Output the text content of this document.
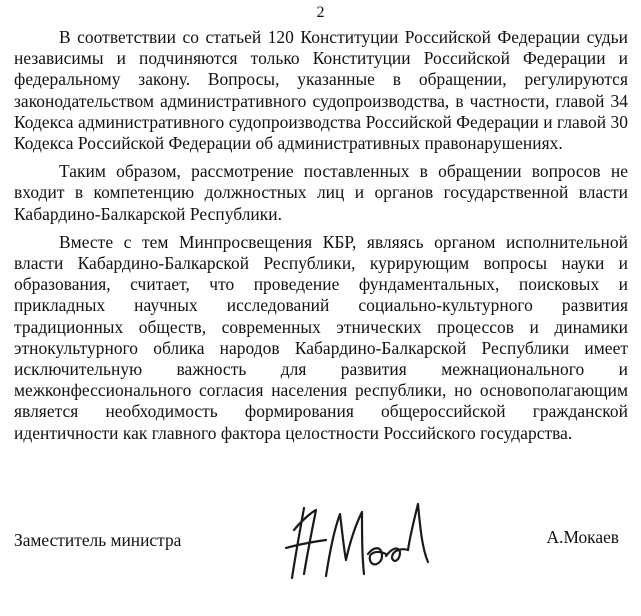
2

В соответствии со статьей 120 Конституции Российской Федерации судьи независимы и подчиняются только Конституции Российской Федерации и федеральному закону. Вопросы, указанные в обращении, регулируются законодательством административного судопроизводства, в частности, главой 34 Кодекса административного судопроизводства Российской Федерации и главой 30 Кодекса Российской Федерации об административных правонарушениях.

Таким образом, рассмотрение поставленных в обращении вопросов не входит в компетенцию должностных лиц и органов государственной власти Кабардино-Балкарской Республики.

Вместе с тем Минпросвещения КБР, являясь органом исполнительной власти Кабардино-Балкарской Республики, курирующим вопросы науки и образования, считает, что проведение фундаментальных, поисковых и прикладных научных исследований социально-культурного развития традиционных обществ, современных этнических процессов и динамики этнокультурного облика народов Кабардино-Балкарской Республики имеет исключительную важность для развития межнационального и межконфессионального согласия населения республики, но основополагающим является необходимость формирования общероссийской гражданской идентичности как главного фактора целостности Российского государства.

Заместитель министра	А.Мокаев
